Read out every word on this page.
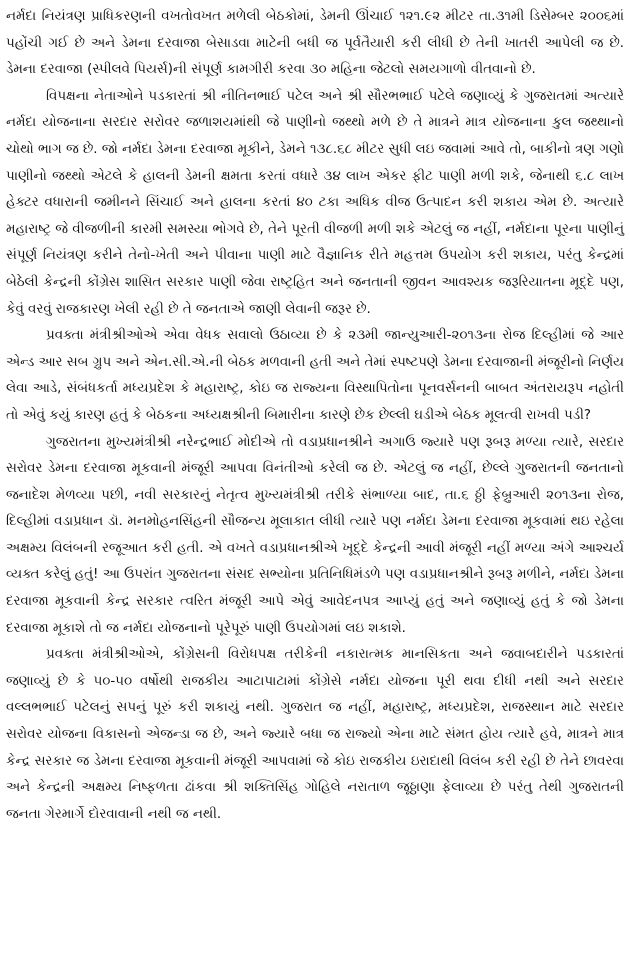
નર્મદા નિયંત્રણ પ્રાધિકરણની વખતોવખત મળેલી બેઠકોમાં, ડેમની ઊંચાઈ ૧૨૧.૯૨ મીટર તા.૩૧મી ડિસેમ્બર ૨૦૦૬માં પહોંચી ગઈ છે અને ડેમના દરવાજા બેસાડવા માટેની બધી જ પૂર્વતૈયારી કરી લીધી છે તેની ખાતરી આપેલી જ છે. ડેમના દરવાજા (સ્પીલવે પિયર્સ)ની સંપૂર્ણ કામગીરી કરવા ૩૦ મહિના જેટલો સમયગાળો વીતવાનો છે.

વિપક્ષના નેતાઓને પડકારતાં શ્રી નીતિનભાઈ પટેલ અને શ્રી સૌરભભાઈ પટેલે જણાવ્યું કે ગુજરાતમાં અત્યારે નર્મદા યોજનાના સરદાર સરોવર જળાશયમાંથી જે પાણીનો જથ્થો મળે છે તે માત્રને માત્ર યોજનાના કુલ જથ્થાનો ચોથો ભાગ જ છે. જો નર્મદા ડેમના દરવાજા મૂકીને, ડેમને ૧૩૮.૬૮ મીટર સુધી લઇ જવામાં આવે તો, બાકીનો ત્રણ ગણો પાણીનો જથ્થો એટલે કે હાલની ડેમની ક્ષમતા કરતાં વધારે ૩૪ લાખ એકર ફીટ પાણી મળી શકે, જેનાથી ૬.૮ લાખ હેક્ટર વધારાની જમીનને સિંચાઈ અને હાલના કરતાં ૪૦ ટકા અધિક વીજ ઉત્પાદન કરી શકાય એમ છે. અત્યારે મહારાષ્ટ્ર જે વીજળીની કારમી સમસ્યા ભોગવે છે, તેને પૂરતી વીજળી મળી શકે એટલું જ નહીં, નર્મદાના પૂરના પાણીનું સંપૂર્ણ નિયંત્રણ કરીને તેનો-ખેતી અને પીવાના પાણી માટે વૈજ્ઞાનિક રીતે મહત્તમ ઉપયોગ કરી શકાય, પરંતુ કેન્દ્રમાં બેઠેલી કેન્દ્રની કોંગ્રેસ શાસિત સરકાર પાણી જેવા રાષ્ટ્રહિત અને જનતાની જીવન આવશ્યક જરૂરિયાતના મૂદ્દે પણ, કેવું વરવું રાજકારણ ખેલી રહી છે તે જનતાએ જાણી લેવાની જરૂર છે.

પ્રવક્તા મંત્રીશ્રીઓએ એવા વેધક સવાલો ઉઠાવ્યા છે કે ૨૩મી જાન્યુઆરી-૨૦૧૩ના રોજ દિલ્હીમાં જે આર એન્ડ આર સબ ગ્રુપ અને એન.સી.એ.ની બેઠક મળવાની હતી અને તેમાં સ્પષ્ટપણે ડેમના દરવાજાની મંજૂરીનો નિર્ણય લેવા આડે, સંબંધકર્તા મધ્યપ્રદેશ કે મહારાષ્ટ્ર, કોઇ જ રાજ્યના વિસ્થાપિતોના પૂનવર્સનની બાબત અંતરાયરૂપ નહોતી તો એવું કયું કારણ હતું કે બેઠકના અધ્યક્ષશ્રીની બિમારીના કારણે છેક છેલ્લી ઘડીએ બેઠક મૂલત્વી રાખવી પડી?

ગુજરાતના મુખ્યમંત્રીશ્રી નરેન્દ્રભાઈ મોદીએ તો વડાપ્રધાનશ્રીને અગાઉ જ્યારે પણ રૂબરૂ મળ્યા ત્યારે, સરદાર સરોવર ડેમના દરવાજા મૂકવાની મંજૂરી આપવા વિનંતીઓ કરેલી જ છે. એટલું જ નહીં, છેલ્લે ગુજરાતની જનતાનો જનાદેશ મેળવ્યા પછી, નવી સરકારનું નેતૃત્વ મુખ્યમંત્રીશ્રી તરીકે સંભાળ્યા બાદ, તા.૬ ઠ્ઠી ફેબ્રુઆરી ૨૦૧૩ના રોજ, દિલ્હીમાં વડાપ્રધાન ડૉ. મનમોહનસિંહની સૌજન્ય મૂલાકાત લીધી ત્યારે પણ નર્મદા ડેમના દરવાજા મૂકવામાં થઇ રહેલા અક્ષમ્ય વિલંબની રજૂઆત કરી હતી. એ વખતે વડાપ્રધાનશ્રીએ ખૂદ્દે કેન્દ્રની આવી મંજૂરી નહીં મળ્યા અંગે આશ્ચર્ય વ્યક્ત કરેલું હતું! આ ઉપરાંત ગુજરાતના સંસદ સભ્યોના પ્રતિનિધિમંડળે પણ વડાપ્રધાનશ્રીને રૂબરૂ મળીને, નર્મદા ડેમના દરવાજા મૂકવાની કેન્દ્ર સરકાર ત્વરિત મંજૂરી આપે એવું આવેદનપત્ર આપ્યું હતું અને જણાવ્યું હતું કે જો ડેમના દરવાજા મૂકાશે તો જ નર્મદા યોજનાનો પૂરેપૂરું પાણી ઉપયોગમાં લઇ શકાશે.

પ્રવક્તા મંત્રીશ્રીઓએ, કોંગ્રેસની વિરોધપક્ષ તરીકેની નકારાત્મક માનસિકતા અને જવાબદારીને પડકારતાં જણાવ્યું છે કે ૫૦-૫૦ વર્ષોથી રાજકીય આટાપાટામાં કોંગ્રેસે નર્મદા યોજના પૂરી થવા દીધી નથી અને સરદાર વલ્લભભાઈ પટેલનું સપનું પૂરું કરી શકાયું નથી. ગુજરાત જ નહીં, મહારાષ્ટ્ર, મધ્યપ્રદેશ, રાજસ્થાન માટે સરદાર સરોવર યોજના વિકાસનો એજન્ડા જ છે, અને જ્યારે બધા જ રાજ્યો એના માટે સંમત હોય ત્યારે હવે, માત્રને માત્ર કેન્દ્ર સરકાર જ ડેમના દરવાજા મૂકવાની મંજૂરી આપવામાં જે કોઇ રાજકીય ઇરાદાથી વિલંબ કરી રહી છે તેને છાવરવા અને કેન્દ્રની અક્ષમ્ય નિષ્ફળતા ઢાંકવા શ્રી શક્તિસિંહ ગોહિલે નરાતાળ જૂઠ્ઠાણા ફેલાવ્યા છે પરંતુ તેથી ગુજરાતની જનતા ગેરમાર્ગે દોરવાવાની નથી જ નથી.
